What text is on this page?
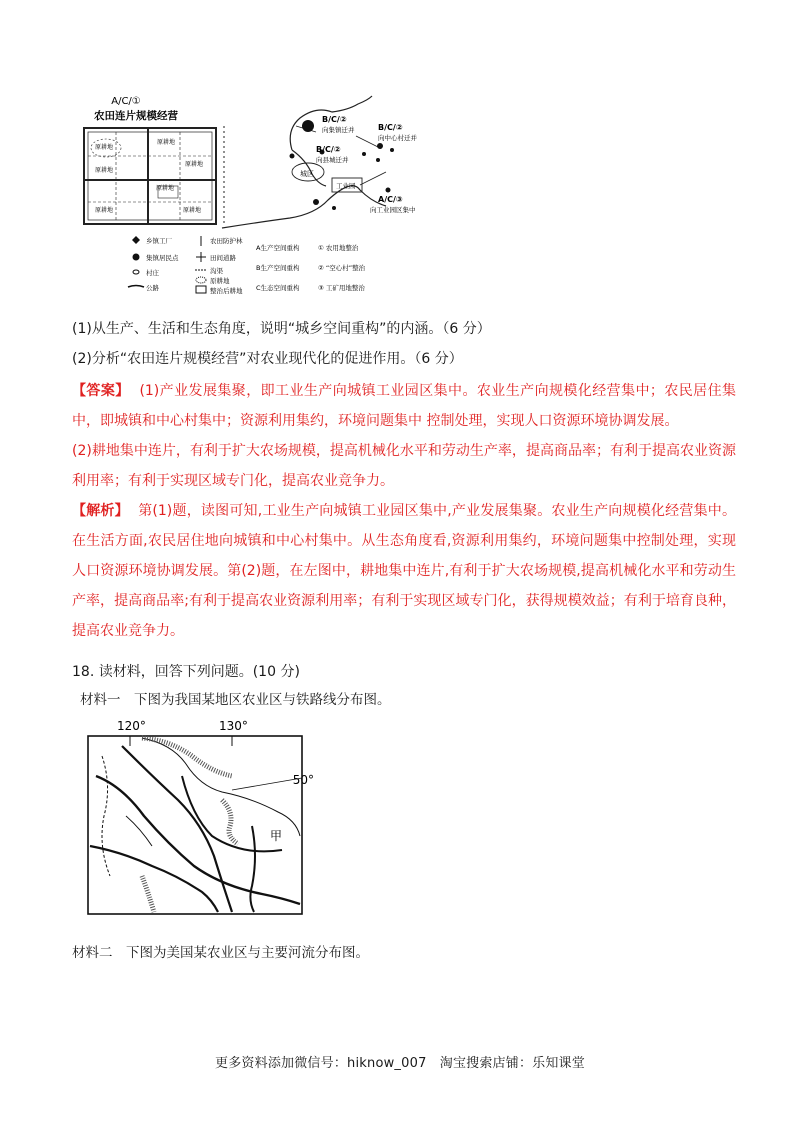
A/C/①
农田连片规模经营
原耕地
原耕地
原耕地
原耕地
原耕地
原耕地	原耕地
B/C/②
向集镇迁并	B/C/②
向中心村迁并
B/C/②
向县城迁并
城区
工业园
A/C/③
向工业园区集中
乡镇工厂
集镇居民点
村庄
公路
农田防护林
田间道路
沟渠
原耕地
整治后耕地
A生产空间重构
B生产空间重构
C生态空间重构
① 农用地整治
② “空心村”整治
③ 工矿用地整治
(1)从生产、生活和生态角度，说明“城乡空间重构”的内涵。（6 分）
(2)分析“农田连片规模经营”对农业现代化的促进作用。（6 分）
【答案】 (1)产业发展集聚，即工业生产向城镇工业园区集中。农业生产向规模化经营集中；农民居住集中，即城镇和中心村集中；资源利用集约，环境问题集中 控制处理，实现人口资源环境协调发展。
(2)耕地集中连片，有利于扩大农场规模，提高机械化水平和劳动生产率，提高商品率；有利于提高农业资源利用率；有利于实现区域专门化，提高农业竞争力。
【解析】 第(1)题，读图可知,工业生产向城镇工业园区集中,产业发展集聚。农业生产向规模化经营集中。在生活方面,农民居住地向城镇和中心村集中。从生态角度看,资源利用集约，环境问题集中控制处理，实现人口资源环境协调发展。第(2)题，在左图中，耕地集中连片,有利于扩大农场规模,提高机械化水平和劳动生产率，提高商品率;有利于提高农业资源利用率；有利于实现区域专门化，获得规模效益；有利于培育良种，提高农业竞争力。
18. 读材料，回答下列问题。(10 分)
材料一　下图为我国某地区农业区与铁路线分布图。
120°	130°
50°
甲
材料二　下图为美国某农业区与主要河流分布图。
更多资料添加微信号：hiknow_007　淘宝搜索店铺：乐知课堂
